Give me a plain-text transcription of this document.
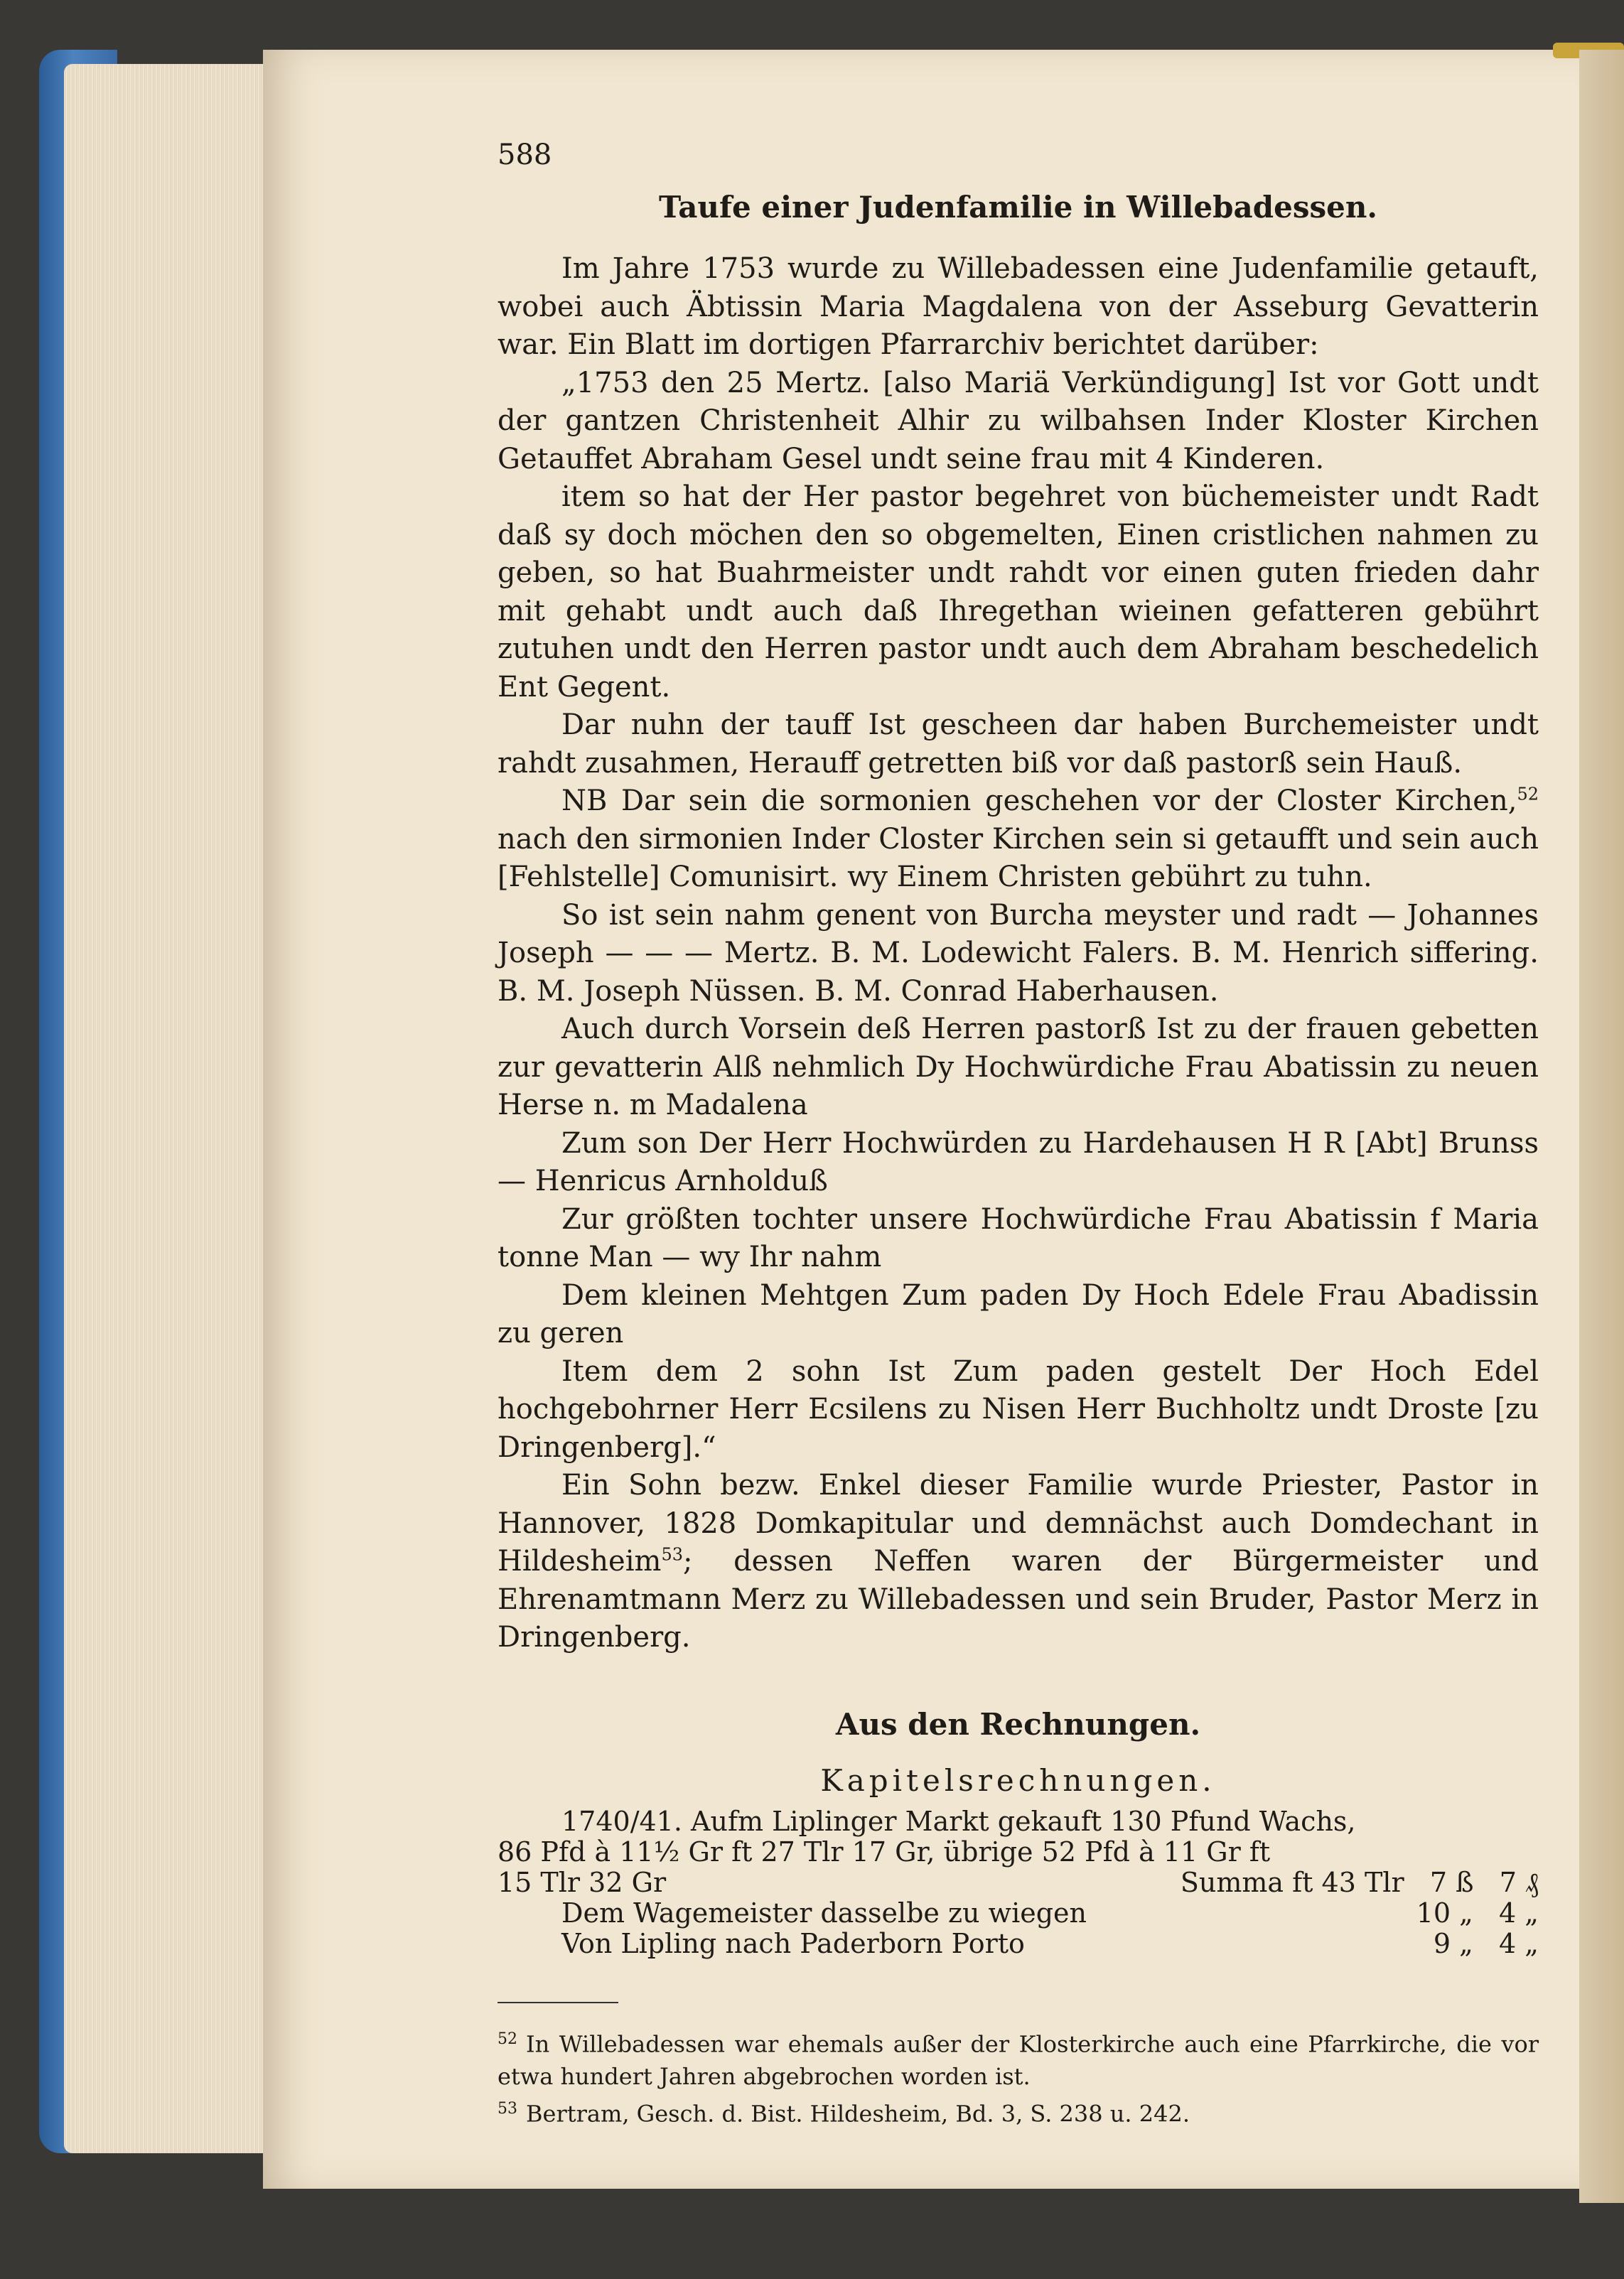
588
Taufe einer Judenfamilie in Willebadessen.

Im Jahre 1753 wurde zu Willebadessen eine Judenfamilie getauft, wobei auch Äbtissin Maria Magdalena von der Asseburg Gevatterin war. Ein Blatt im dortigen Pfarrarchiv berichtet darüber:

„1753 den 25 Mertz. [also Mariä Verkündigung] Ist vor Gott undt der gantzen Christenheit Alhir zu wilbahsen Inder Kloster Kirchen Getauffet Abraham Gesel undt seine frau mit 4 Kinderen.

item so hat der Her pastor begehret von büchemeister undt Radt daß sy doch möchen den so obgemelten, Einen cristlichen nahmen zu geben, so hat Buahrmeister undt rahdt vor einen guten frieden dahr mit gehabt undt auch daß Ihregethan wieinen gefatteren gebührt zutuhen undt den Herren pastor undt auch dem Abraham beschedelich Ent Gegent.

Dar nuhn der tauff Ist gescheen dar haben Burchemeister undt rahdt zusahmen, Herauff getretten biß vor daß pastorß sein Hauß.

NB Dar sein die sormonien geschehen vor der Closter Kirchen,$^{52}$ nach den sirmonien Inder Closter Kirchen sein si getaufft und sein auch [Fehlstelle] Comunisirt. wy Einem Christen gebührt zu tuhn.

So ist sein nahm genent von Burcha meyster und radt — Johannes Joseph — — — Mertz. B. M. Lodewicht Falers. B. M. Henrich siffering. B. M. Joseph Nüssen. B. M. Conrad Haberhausen.

Auch durch Vorsein deß Herren pastorß Ist zu der frauen gebetten zur gevatterin Alß nehmlich Dy Hochwürdiche Frau Abatissin zu neuen Herse n. m Madalena

Zum son Der Herr Hochwürden zu Hardehausen H R [Abt] Brunss — Henricus Arnholduß

Zur größten tochter unsere Hochwürdiche Frau Abatissin f Maria tonne Man — wy Ihr nahm

Dem kleinen Mehtgen Zum paden Dy Hoch Edele Frau Abadissin zu geren

Item dem 2 sohn Ist Zum paden gestelt Der Hoch Edel hochgebohrner Herr Ecsilens zu Nisen Herr Buchholtz undt Droste [zu Dringenberg].“

Ein Sohn bezw. Enkel dieser Familie wurde Priester, Pastor in Hannover, 1828 Domkapitular und demnächst auch Domdechant in Hildesheim$^{53}$; dessen Neffen waren der Bürgermeister und Ehrenamtmann Merz zu Willebadessen und sein Bruder, Pastor Merz in Dringenberg.

Aus den Rechnungen.
Kapitelsrechnungen.
1740/41. Aufm Liplinger Markt gekauft 130 Pfund Wachs,
86 Pfd à 11½ Gr ft 27 Tlr 17 Gr, übrige 52 Pfd à 11 Gr ft
15 Tlr 32 Gr	Summa ft 43 Tlr   7 ß   7 ₰
Dem Wagemeister dasselbe zu wiegen	10 „   4 „
Von Lipling nach Paderborn Porto	9 „   4 „
$^{52}$ In Willebadessen war ehemals außer der Klosterkirche auch eine Pfarrkirche, die vor etwa hundert Jahren abgebrochen worden ist.
$^{53}$ Bertram, Gesch. d. Bist. Hildesheim, Bd. 3, S. 238 u. 242.
